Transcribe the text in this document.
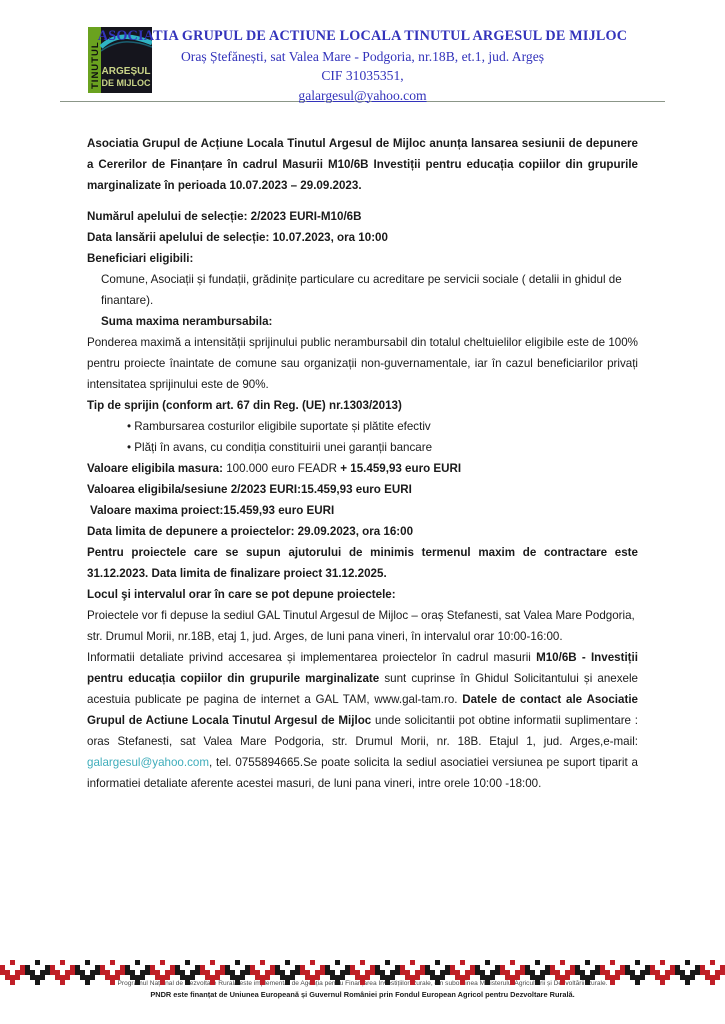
TINUTUL ARGEȘUL
DE MIJLOC
ASOCIATIA GRUPUL DE ACTIUNE LOCALA TINUTUL ARGESUL DE MIJLOC
Oraș Ștefănești, sat Valea Mare - Podgoria, nr.18B, et.1, jud. Argeș
CIF 31035351,
galargesul@yahoo.com

Asociatia Grupul de Acțiune Locala Tinutul Argesul de Mijloc anunța lansarea sesiunii de depunere a Cererilor de Finanțare în cadrul Masurii M10/6B Investiții pentru educația copiilor din grupurile marginalizate în perioada 10.07.2023 – 29.09.2023.

Numărul apelului de selecție: 2/2023 EURI-M10/6B

Data lansării apelului de selecție: 10.07.2023, ora 10:00

Beneficiari eligibili:

Comune, Asociații și fundații, grădinițe particulare cu acreditare pe servicii sociale ( detalii in ghidul de finantare).

Suma maxima nerambursabila:

Ponderea maximă a intensității sprijinului public nerambursabil din totalul cheltuielilor eligibile este de 100% pentru proiecte înaintate de comune sau organizații non-guvernamentale, iar în cazul beneficiarilor privați intensitatea sprijinului este de 90%.

Tip de sprijin (conform art. 67 din Reg. (UE) nr.1303/2013)

• Rambursarea costurilor eligibile suportate și plătite efectiv

• Plăți în avans, cu condiția constituirii unei garanții bancare

Valoare eligibila masura: 100.000 euro FEADR + 15.459,93 euro EURI

Valoarea eligibila/sesiune 2/2023 EURI:15.459,93 euro EURI

Valoare maxima proiect:15.459,93 euro EURI

Data limita de depunere a proiectelor: 29.09.2023, ora 16:00

Pentru proiectele care se supun ajutorului de minimis termenul maxim de contractare este 31.12.2023. Data limita de finalizare proiect 31.12.2025.

Locul şi intervalul orar în care se pot depune proiectele:

Proiectele vor fi depuse la sediul GAL Tinutul Argesul de Mijloc – oraș Stefanesti, sat Valea Mare Podgoria, str. Drumul Morii, nr.18B, etaj 1, jud. Arges, de luni pana vineri, în intervalul orar 10:00-16:00.

Informatii detaliate privind accesarea și implementarea proiectelor în cadrul masurii M10/6B - Investiții pentru educația copiilor din grupurile marginalizate sunt cuprinse în Ghidul Solicitantului și anexele acestuia publicate pe pagina de internet a GAL TAM, www.gal-tam.ro. Datele de contact ale Asociatie Grupul de Actiune Locala Tinutul Argesul de Mijloc unde solicitantii pot obtine informatii suplimentare : oras Stefanesti, sat Valea Mare Podgoria, str. Drumul Morii, nr. 18B. Etajul 1, jud. Arges,e-mail: galargesul@yahoo.com, tel. 0755894665.Se poate solicita la sediul asociatiei versiunea pe suport tiparit a informatiei detaliate aferente acestei masuri, de luni pana vineri, intre orele 10:00 -18:00.

PNDR este finanțat de Uniunea Europeană și Guvernul României prin Fondul European Agricol pentru Dezvoltare Rurală.
